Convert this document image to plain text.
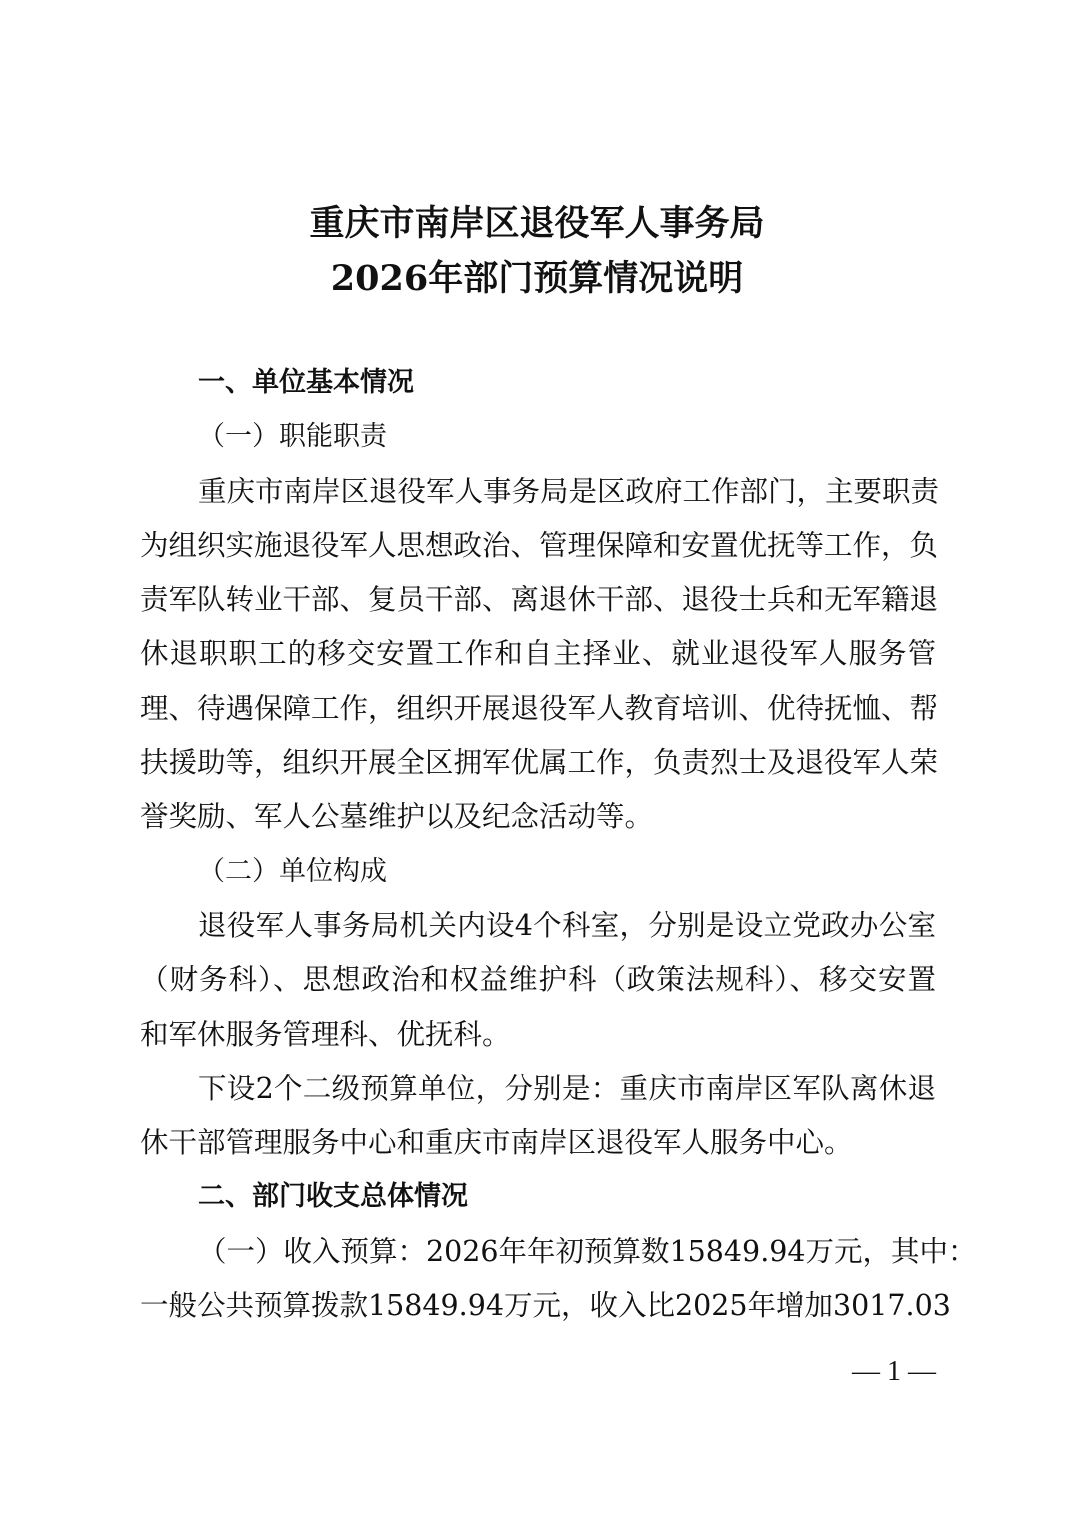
重庆市南岸区退役军人事务局
2026年部门预算情况说明
一、单位基本情况
（一）职能职责
重庆市南岸区退役军人事务局是区政府工作部门，主要职责
为组织实施退役军人思想政治、管理保障和安置优抚等工作，负
责军队转业干部、复员干部、离退休干部、退役士兵和无军籍退
休退职职工的移交安置工作和自主择业、就业退役军人服务管
理、待遇保障工作，组织开展退役军人教育培训、优待抚恤、帮
扶援助等，组织开展全区拥军优属工作，负责烈士及退役军人荣
誉奖励、军人公墓维护以及纪念活动等。
（二）单位构成
退役军人事务局机关内设4个科室，分别是设立党政办公室
（财务科）、思想政治和权益维护科（政策法规科）、移交安置
和军休服务管理科、优抚科。
下设2个二级预算单位，分别是：重庆市南岸区军队离休退
休干部管理服务中心和重庆市南岸区退役军人服务中心。
二、部门收支总体情况
（一）收入预算：2026年年初预算数15849.94万元，其中：
一般公共预算拨款15849.94万元，收入比2025年增加3017.03
— 1 —
